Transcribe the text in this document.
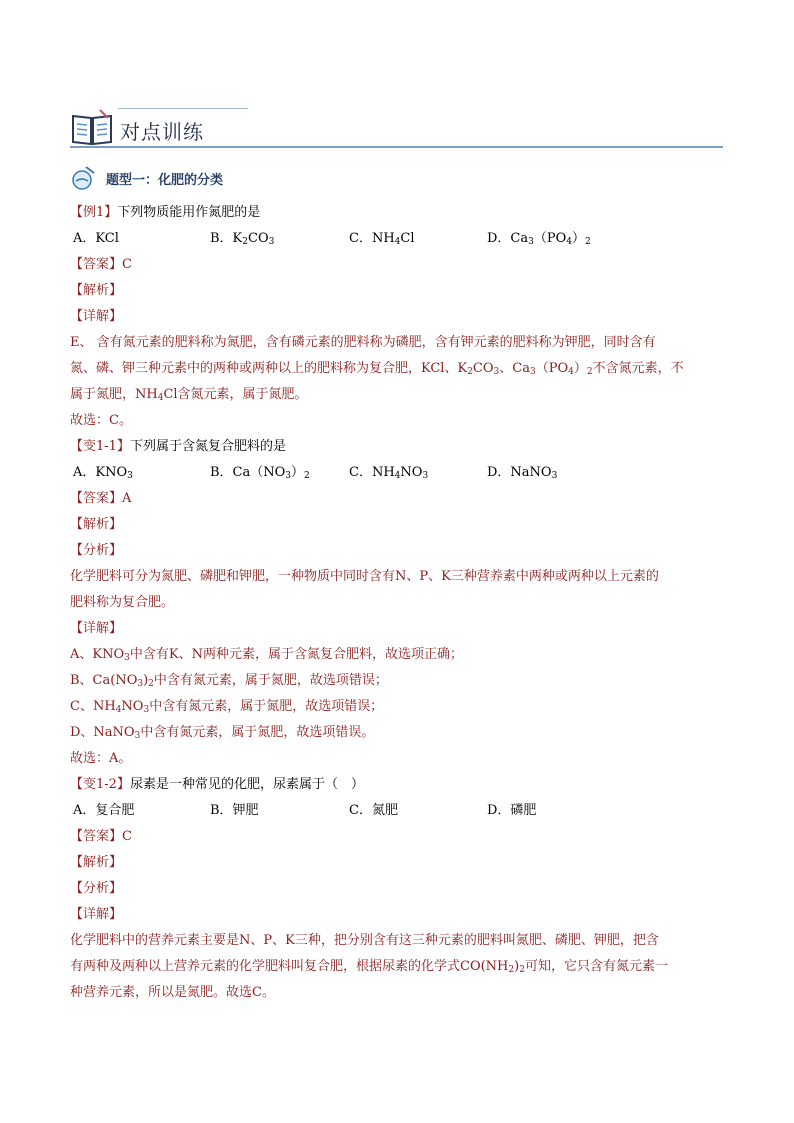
对点训练
题型一：化肥的分类
【例1】下列物质能用作氮肥的是
A．KCl	B．$K_2CO_3$	C．$NH_4Cl$	D．$Ca_3(PO_4)_2$
【答案】C
【解析】
【详解】
E、 含有氮元素的肥料称为氮肥，含有磷元素的肥料称为磷肥，含有钾元素的肥料称为钾肥，同时含有
氮、磷、钾三种元素中的两种或两种以上的肥料称为复合肥，KCl、$K_2CO_3$、$Ca_3(PO_4)_2$不含氮元素，不
属于氮肥，$NH_4Cl$含氮元素，属于氮肥。
故选：C。
【变1-1】下列属于含氮复合肥料的是
A．$KNO_3$	B．$Ca(NO_3)_2$	C．$NH_4NO_3$	D．NaNO$_3$
【答案】A
【解析】
【分析】
化学肥料可分为氮肥、磷肥和钾肥，一种物质中同时含有N、P、K三种营养素中两种或两种以上元素的
肥料称为复合肥。
【详解】
A、$KNO_3$中含有K、N两种元素，属于含氮复合肥料，故选项正确；
B、$Ca(NO_3)_2$中含有氮元素，属于氮肥，故选项错误；
C、$NH_4NO_3$中含有氮元素，属于氮肥，故选项错误；
D、NaNO$_3$中含有氮元素，属于氮肥，故选项错误。
故选：A。
【变1-2】尿素是一种常见的化肥，尿素属于（　）
A．复合肥	B．钾肥	C．氮肥	D．磷肥
【答案】C
【解析】
【分析】
【详解】
化学肥料中的营养元素主要是N、P、K三种，把分别含有这三种元素的肥料叫氮肥、磷肥、钾肥，把含
有两种及两种以上营养元素的化学肥料叫复合肥，根据尿素的化学式$CO(NH_2)_2$可知，它只含有氮元素一
种营养元素，所以是氮肥。故选C。
